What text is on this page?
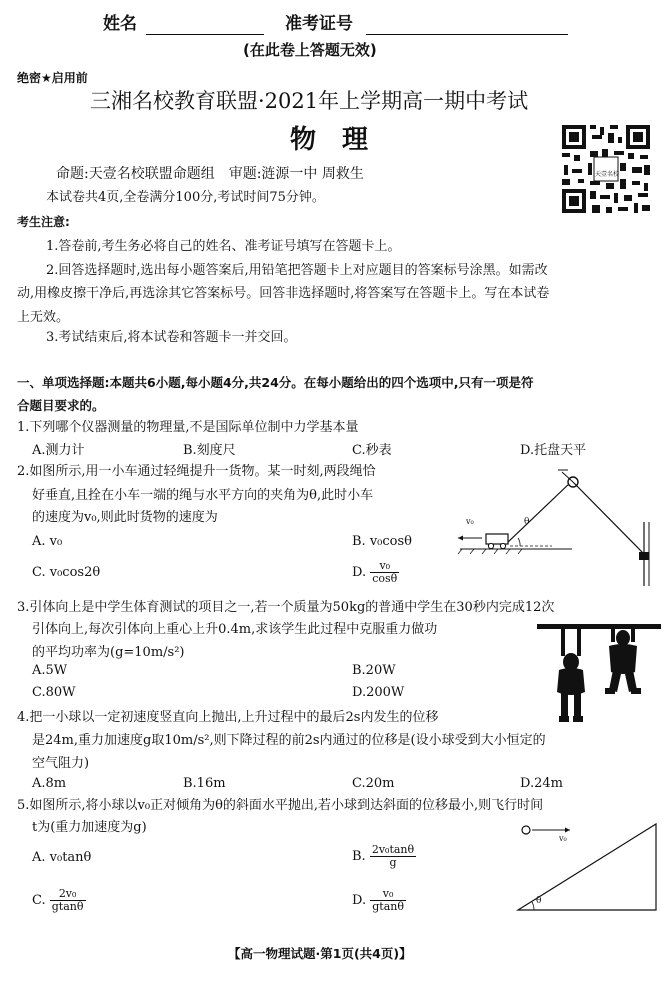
姓名	准考证号
(在此卷上答题无效)
绝密★启用前
三湘名校教育联盟·2021年上学期高一期中考试
物　理
命题:天壹名校联盟命题组　审题:涟源一中 周救生
本试卷共4页,全卷满分100分,考试时间75分钟。
天壹名校
考生注意:
1.答卷前,考生务必将自己的姓名、准考证号填写在答题卡上。
2.回答选择题时,选出每小题答案后,用铅笔把答题卡上对应题目的答案标号涂黑。如需改
动,用橡皮擦干净后,再选涂其它答案标号。回答非选择题时,将答案写在答题卡上。写在本试卷
上无效。
3.考试结束后,将本试卷和答题卡一并交回。
一、单项选择题:本题共6小题,每小题4分,共24分。在每小题给出的四个选项中,只有一项是符
合题目要求的。
1.下列哪个仪器测量的物理量,不是国际单位制中力学基本量
A.测力计	B.刻度尺	C.秒表	D.托盘天平
2.如图所示,用一小车通过轻绳提升一货物。某一时刻,两段绳恰
好垂直,且拴在小车一端的绳与水平方向的夹角为θ,此时小车
的速度为v₀,则此时货物的速度为
A. v₀	B. v₀cosθ
C. v₀cos2θ	D. $\frac{\text{v₀}}{\cos\theta}$
v₀	θ
3.引体向上是中学生体育测试的项目之一,若一个质量为50kg的普通中学生在30秒内完成12次
引体向上,每次引体向上重心上升0.4m,求该学生此过程中克服重力做功
的平均功率为(g=10m/s²)
A.5W	B.20W
C.80W	D.200W
4.把一小球以一定初速度竖直向上抛出,上升过程中的最后2s内发生的位移
是24m,重力加速度g取10m/s²,则下降过程的前2s内通过的位移是(设小球受到大小恒定的
空气阻力)
A.8m	B.16m	C.20m	D.24m
5.如图所示,将小球以v₀正对倾角为θ的斜面水平抛出,若小球到达斜面的位移最小,则飞行时间
t为(重力加速度为g)
A. v₀tanθ	B. $\frac{\text{2v₀tanθ}}{g}$
C. $\frac{\text{2v₀}}{gtan\theta}$	D. $\frac{\text{v₀}}{gtan\theta}$
v₀
θ
【高一物理试题·第1页(共4页)】
